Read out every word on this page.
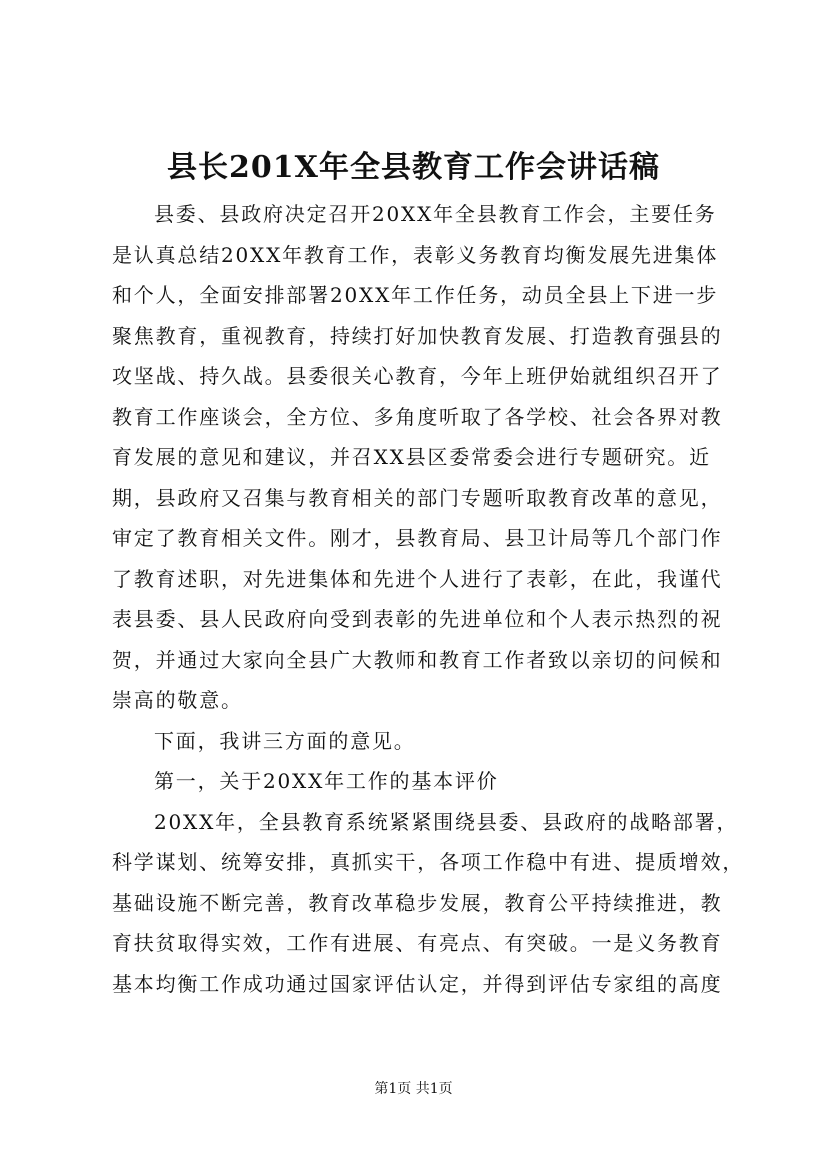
县长201X年全县教育工作会讲话稿
县委、县政府决定召开20XX年全县教育工作会，主要任务
是认真总结20XX年教育工作，表彰义务教育均衡发展先进集体
和个人，全面安排部署20XX年工作任务，动员全县上下进一步
聚焦教育，重视教育，持续打好加快教育发展、打造教育强县的
攻坚战、持久战。县委很关心教育，今年上班伊始就组织召开了
教育工作座谈会，全方位、多角度听取了各学校、社会各界对教
育发展的意见和建议，并召XX县区委常委会进行专题研究。近
期，县政府又召集与教育相关的部门专题听取教育改革的意见，
审定了教育相关文件。刚才，县教育局、县卫计局等几个部门作
了教育述职，对先进集体和先进个人进行了表彰，在此，我谨代
表县委、县人民政府向受到表彰的先进单位和个人表示热烈的祝
贺，并通过大家向全县广大教师和教育工作者致以亲切的问候和
崇高的敬意。
下面，我讲三方面的意见。
第一，关于20XX年工作的基本评价
20XX年，全县教育系统紧紧围绕县委、县政府的战略部署，
科学谋划、统筹安排，真抓实干，各项工作稳中有进、提质增效，
基础设施不断完善，教育改革稳步发展，教育公平持续推进，教
育扶贫取得实效，工作有进展、有亮点、有突破。一是义务教育
基本均衡工作成功通过国家评估认定，并得到评估专家组的高度
第1页 共1页
